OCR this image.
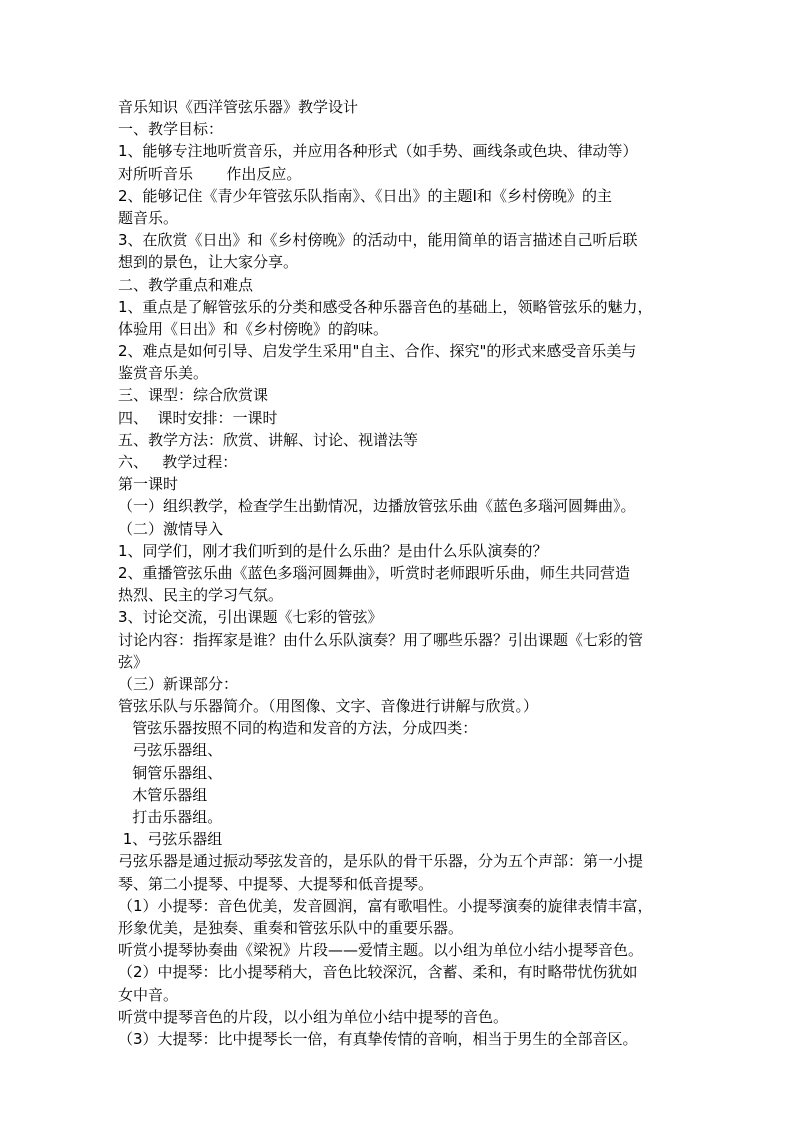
音乐知识《西洋管弦乐器》教学设计
一、教学目标：
1、能够专注地听赏音乐，并应用各种形式（如手势、画线条或色块、律动等）
对所听音乐       作出反应。
2、能够记住《青少年管弦乐队指南》、《日出》的主题Ⅰ和《乡村傍晚》的主
题音乐。
3、在欣赏《日出》和《乡村傍晚》的活动中，能用简单的语言描述自己听后联
想到的景色，让大家分享。
二、教学重点和难点
1、重点是了解管弦乐的分类和感受各种乐器音色的基础上，领略管弦乐的魅力，
体验用《日出》和《乡村傍晚》的韵味。
2、难点是如何引导、启发学生采用"自主、合作、探究"的形式来感受音乐美与
鉴赏音乐美。
三、课型：综合欣赏课
四、  课时安排：一课时
五、教学方法：欣赏、讲解、讨论、视谱法等
六、   教学过程：
第一课时
（一）组织教学，检查学生出勤情况，边播放管弦乐曲《蓝色多瑙河圆舞曲》。
（二）激情导入
1、同学们，刚才我们听到的是什么乐曲？是由什么乐队演奏的？
2、重播管弦乐曲《蓝色多瑙河圆舞曲》，听赏时老师跟听乐曲，师生共同营造
热烈、民主的学习气氛。
3、讨论交流，引出课题《七彩的管弦》
讨论内容：指挥家是谁？由什么乐队演奏？用了哪些乐器？引出课题《七彩的管
弦》
（三）新课部分：
管弦乐队与乐器简介。（用图像、文字、音像进行讲解与欣赏。）
管弦乐器按照不同的构造和发音的方法，分成四类：
弓弦乐器组、
铜管乐器组、
木管乐器组
打击乐器组。
1、弓弦乐器组
弓弦乐器是通过振动琴弦发音的，是乐队的骨干乐器，分为五个声部：第一小提
琴、第二小提琴、中提琴、大提琴和低音提琴。
（1）小提琴：音色优美，发音圆润，富有歌唱性。小提琴演奏的旋律表情丰富，
形象优美，是独奏、重奏和管弦乐队中的重要乐器。
听赏小提琴协奏曲《梁祝》片段——爱情主题。以小组为单位小结小提琴音色。
（2）中提琴：比小提琴稍大，音色比较深沉，含蓄、柔和，有时略带忧伤犹如
女中音。
听赏中提琴音色的片段，以小组为单位小结中提琴的音色。
（3）大提琴：比中提琴长一倍，有真挚传情的音响，相当于男生的全部音区。
